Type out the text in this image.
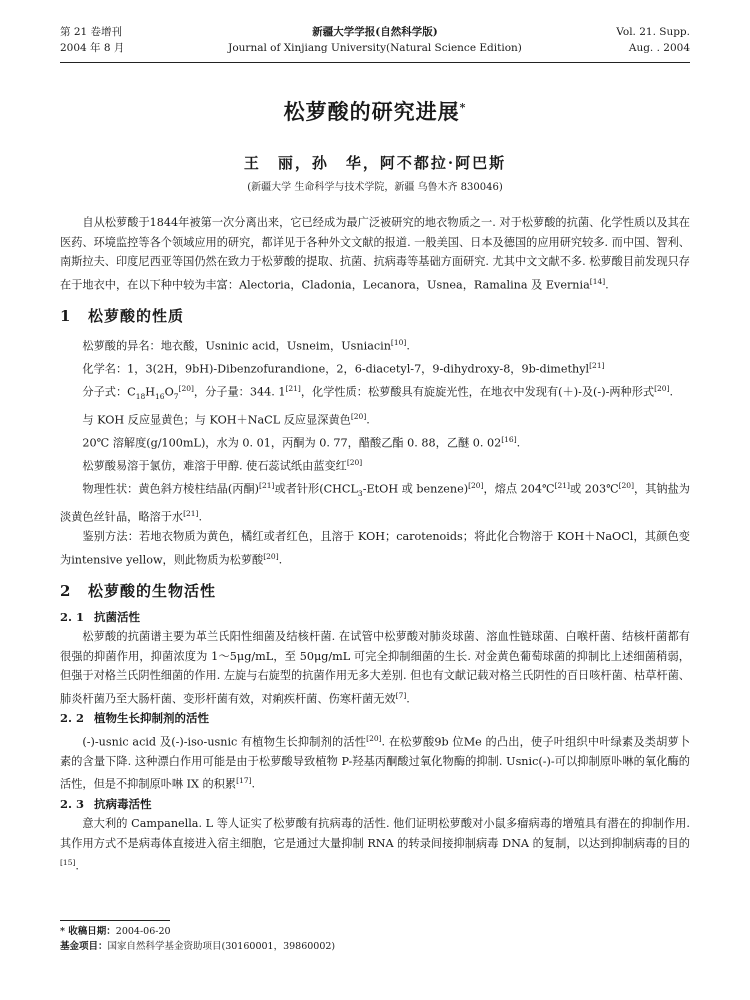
第 21 卷增刊
2004 年 8 月
新疆大学学报(自然科学版)
Journal of Xinjiang University(Natural Science Edition)
Vol. 21. Supp.
Aug. . 2004
松萝酸的研究进展*
王　丽，孙　华，阿不都拉·阿巴斯
(新疆大学 生命科学与技术学院，新疆 乌鲁木齐 830046)

自从松萝酸于1844年被第一次分离出来，它已经成为最广泛被研究的地衣物质之一. 对于松萝酸的抗菌、化学性质以及其在医药、环境监控等各个领域应用的研究，都详见于各种外文文献的报道. 一般美国、日本及德国的应用研究较多. 而中国、智利、南斯拉夫、印度尼西亚等国仍然在致力于松萝酸的提取、抗菌、抗病毒等基础方面研究. 尤其中文文献不多. 松萝酸目前发现只存在于地衣中，在以下种中较为丰富：Alectoria，Cladonia，Lecanora，Usnea，Ramalina 及 Evernia[14].

1 松萝酸的性质

松萝酸的异名：地衣酸，Usninic acid，Usneim，Usniacin[10].

化学名：1，3(2H，9bH)-Dibenzofurandione，2，6-diacetyl-7，9-dihydroxy-8，9b-dimethyl[21]

分子式：$C_{18}H_{16}O_7[20]$，分子量：344. 1[21]，化学性质：松萝酸具有旋旋光性，在地衣中发现有(＋)-及(-)-两种形式[20].

与 KOH 反应显黄色；与 KOH＋NaCL 反应显深黄色[20].

20℃ 溶解度(g/100mL)，水为 0. 01，丙酮为 0. 77，醋酸乙酯 0. 88，乙醚 0. 02[16].

松萝酸易溶于氯仿，难溶于甲醇. 使石蕊试纸由蓝变红[20]

物理性状：黄色斜方棱柱结晶(丙酮)[21]或者针形($CHCL_3$-EtOH 或 benzene)[20]，熔点 204℃[21]或 203℃[20]，其钠盐为淡黄色丝针晶，略溶于水[21].

鉴别方法：若地衣物质为黄色，橘红或者红色，且溶于 KOH；carotenoids；将此化合物溶于 KOH＋NaOCl，其颜色变为intensive yellow，则此物质为松萝酸[20].

2 松萝酸的生物活性
2. 1 抗菌活性

松萝酸的抗菌谱主要为革兰氏阳性细菌及结核杆菌. 在试管中松萝酸对肺炎球菌、溶血性链球菌、白喉杆菌、结核杆菌都有很强的抑菌作用，抑菌浓度为 1～5μg/mL，至 50μg/mL 可完全抑制细菌的生长. 对金黄色葡萄球菌的抑制比上述细菌稍弱，但强于对格兰氏阴性细菌的作用. 左旋与右旋型的抗菌作用无多大差别. 但也有文献记载对格兰氏阴性的百日咳杆菌、枯草杆菌、肺炎杆菌乃至大肠杆菌、变形杆菌有效，对痢疾杆菌、伤寒杆菌无效[7].

2. 2 植物生长抑制剂的活性

(-)-usnic acid 及(-)-iso-usnic 有植物生长抑制剂的活性[20]. 在松萝酸9b 位Me 的凸出，使子叶组织中叶绿素及类胡萝卜素的含量下降. 这种漂白作用可能是由于松萝酸导致植物 P-羟基丙酮酸过氧化物酶的抑制. Usnic(-)-可以抑制原卟啉的氧化酶的活性，但是不抑制原卟啉 IX 的积累[17].

2. 3 抗病毒活性

意大利的 Campanella. L 等人证实了松萝酸有抗病毒的活性. 他们证明松萝酸对小鼠多瘤病毒的增殖具有潜在的抑制作用. 其作用方式不是病毒体直接进入宿主细胞，它是通过大量抑制 RNA 的转录间接抑制病毒 DNA 的复制，以达到抑制病毒的目的[15].

* 收稿日期：2004-06-20
基金项目：国家自然科学基金资助项目(30160001，39860002)
